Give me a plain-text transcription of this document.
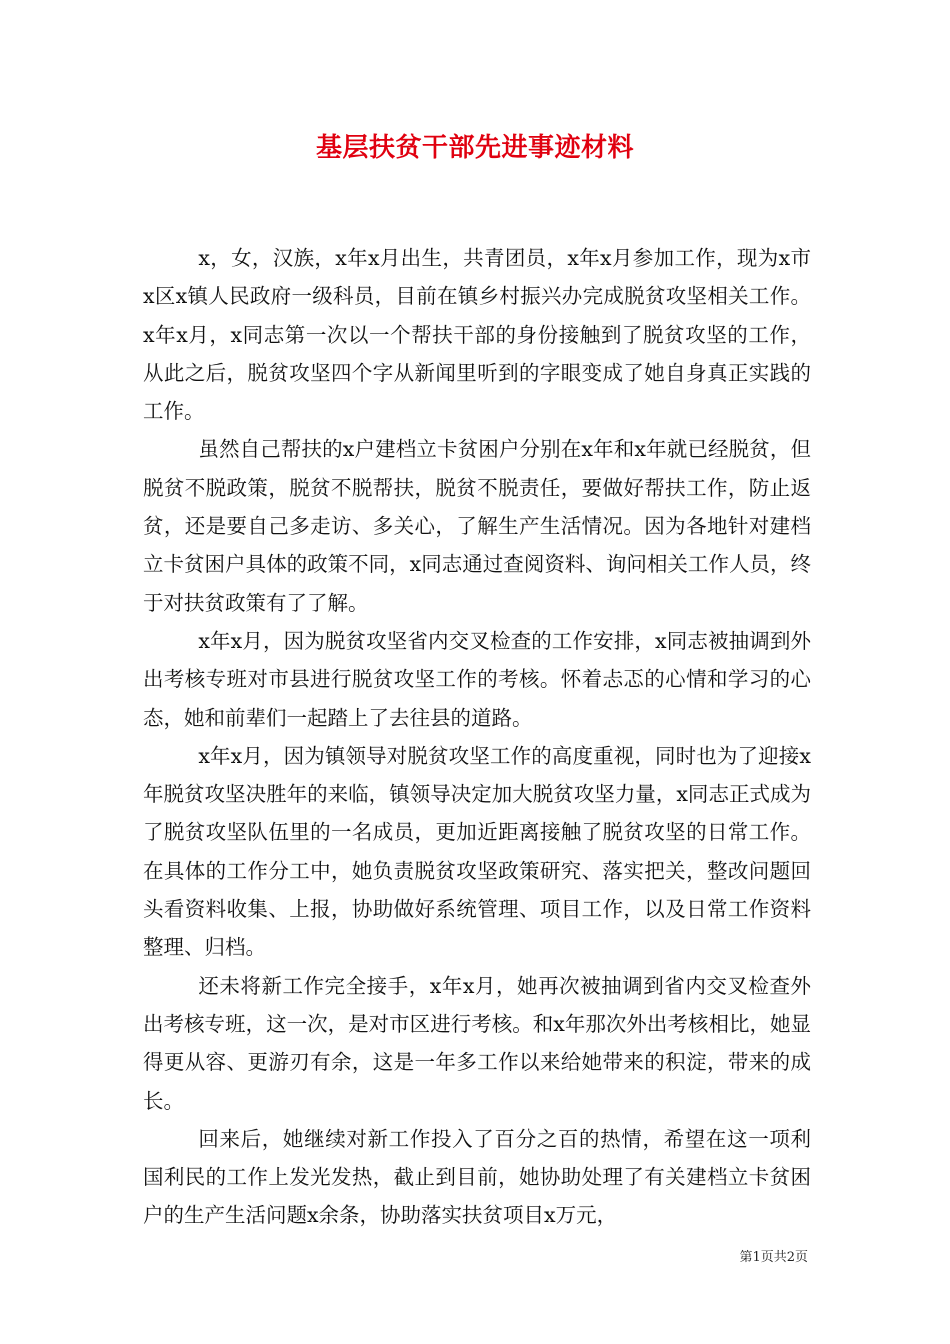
基层扶贫干部先进事迹材料

x，女，汉族，x年x月出生，共青团员，x年x月参加工作，现为x市x区x镇人民政府一级科员，目前在镇乡村振兴办完成脱贫攻坚相关工作。x年x月，x同志第一次以一个帮扶干部的身份接触到了脱贫攻坚的工作，从此之后，脱贫攻坚四个字从新闻里听到的字眼变成了她自身真正实践的工作。

虽然自己帮扶的x户建档立卡贫困户分别在x年和x年就已经脱贫，但脱贫不脱政策，脱贫不脱帮扶，脱贫不脱责任，要做好帮扶工作，防止返贫，还是要自己多走访、多关心，了解生产生活情况。因为各地针对建档立卡贫困户具体的政策不同，x同志通过查阅资料、询问相关工作人员，终于对扶贫政策有了了解。

x年x月，因为脱贫攻坚省内交叉检查的工作安排，x同志被抽调到外出考核专班对市县进行脱贫攻坚工作的考核。怀着忐忑的心情和学习的心态，她和前辈们一起踏上了去往县的道路。

x年x月，因为镇领导对脱贫攻坚工作的高度重视，同时也为了迎接x年脱贫攻坚决胜年的来临，镇领导决定加大脱贫攻坚力量，x同志正式成为了脱贫攻坚队伍里的一名成员，更加近距离接触了脱贫攻坚的日常工作。在具体的工作分工中，她负责脱贫攻坚政策研究、落实把关，整改问题回头看资料收集、上报，协助做好系统管理、项目工作，以及日常工作资料整理、归档。

还未将新工作完全接手，x年x月，她再次被抽调到省内交叉检查外出考核专班，这一次，是对市区进行考核。和x年那次外出考核相比，她显得更从容、更游刃有余，这是一年多工作以来给她带来的积淀，带来的成长。

回来后，她继续对新工作投入了百分之百的热情，希望在这一项利国利民的工作上发光发热，截止到目前，她协助处理了有关建档立卡贫困户的生产生活问题x余条，协助落实扶贫项目x万元，

第1页共2页
